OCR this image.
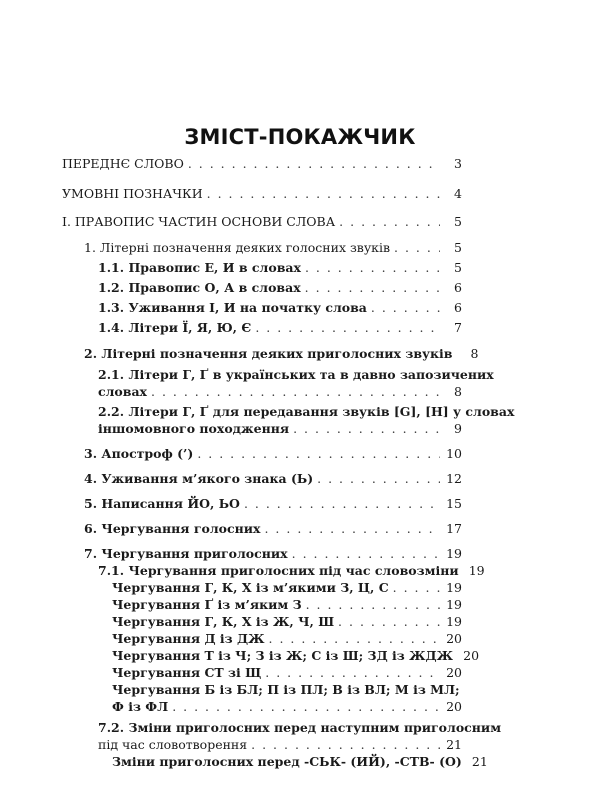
ЗМІСТ-ПОКАЖЧИК
ПЕРЕДНЄ СЛОВО . . .	3
УМОВНІ ПОЗНАЧКИ . . .	4
І. ПРАВОПИС ЧАСТИН ОСНОВИ СЛОВА . . .	5
1. Літерні позначення деяких голосних звуків . . .	5
1.1. Правопис Е, И в словах . . .	5
1.2. Правопис О, А в словах . . .	6
1.3. Уживання І, И на початку слова . . .	6
1.4. Літери Ї, Я, Ю, Є . . .	7
2. Літерні позначення деяких приголосних звуків	8
2.1. Літери Г, Ґ в українських та в давно запозичених
словах . . .	8
2.2. Літери Г, Ґ для передавання звуків [G], [H] у словах
іншомовного походження . . .	9
3. Апостроф (’) . . .	10
4. Уживання м’якого знака (Ь) . . .	12
5. Написання ЙО, ЬО . . .	15
6. Чергування голосних . . .	17
7. Чергування приголосних . . .	19
7.1. Чергування приголосних під час словозміни 19
Чергування Г, К, Х із м’якими З, Ц, С . . .	19
Чергування Ґ із м’яким З . . .	19
Чергування Г, К, Х із Ж, Ч, Ш . . .	19
Чергування Д із ДЖ . . .	20
Чергування Т із Ч; З із Ж; С із Ш; ЗД із ЖДЖ 20
Чергування СТ зі Щ . . .	20
Чергування Б із БЛ; П із ПЛ; В із ВЛ; М із МЛ;
Ф із ФЛ . . .	20
7.2. Зміни приголосних перед наступним приголосним
під час словотворення . . .	21
Зміни приголосних перед -СЬК- (ИЙ), -СТВ- (О) 21
